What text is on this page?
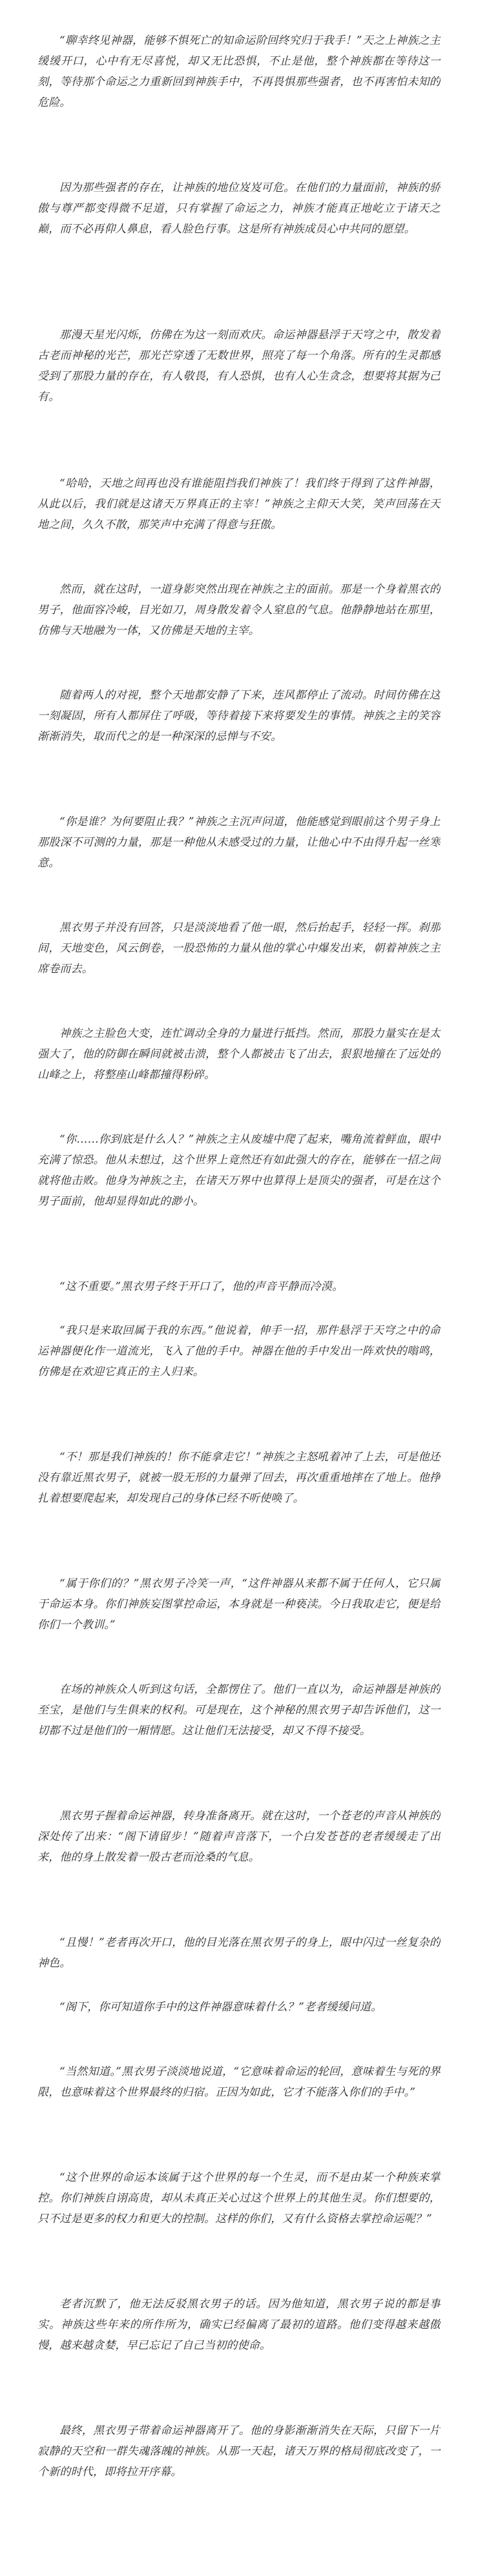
“聊幸终见神器，能够不惧死亡的知命运阶回终究归于我手！”天之上神族之主缓缓开口，心中有无尽喜悦，却又无比恐惧，不止是他，整个神族都在等待这一刻，等待那个命运之力重新回到神族手中，不再畏惧那些强者，也不再害怕未知的危险。

因为那些强者的存在，让神族的地位岌岌可危。在他们的力量面前，神族的骄傲与尊严都变得微不足道，只有掌握了命运之力，神族才能真正地屹立于诸天之巅，而不必再仰人鼻息，看人脸色行事。这是所有神族成员心中共同的愿望。

那漫天星光闪烁，仿佛在为这一刻而欢庆。命运神器悬浮于天穹之中，散发着古老而神秘的光芒，那光芒穿透了无数世界，照亮了每一个角落。所有的生灵都感受到了那股力量的存在，有人敬畏，有人恐惧，也有人心生贪念，想要将其据为己有。

“哈哈，天地之间再也没有谁能阻挡我们神族了！我们终于得到了这件神器，从此以后，我们就是这诸天万界真正的主宰！”神族之主仰天大笑，笑声回荡在天地之间，久久不散，那笑声中充满了得意与狂傲。

然而，就在这时，一道身影突然出现在神族之主的面前。那是一个身着黑衣的男子，他面容冷峻，目光如刀，周身散发着令人窒息的气息。他静静地站在那里，仿佛与天地融为一体，又仿佛是天地的主宰。

随着两人的对视，整个天地都安静了下来，连风都停止了流动。时间仿佛在这一刻凝固，所有人都屏住了呼吸，等待着接下来将要发生的事情。神族之主的笑容渐渐消失，取而代之的是一种深深的忌惮与不安。

“你是谁？为何要阻止我？”神族之主沉声问道，他能感觉到眼前这个男子身上那股深不可测的力量，那是一种他从未感受过的力量，让他心中不由得升起一丝寒意。

黑衣男子并没有回答，只是淡淡地看了他一眼，然后抬起手，轻轻一挥。刹那间，天地变色，风云倒卷，一股恐怖的力量从他的掌心中爆发出来，朝着神族之主席卷而去。

神族之主脸色大变，连忙调动全身的力量进行抵挡。然而，那股力量实在是太强大了，他的防御在瞬间就被击溃，整个人都被击飞了出去，狠狠地撞在了远处的山峰之上，将整座山峰都撞得粉碎。

“你……你到底是什么人？”神族之主从废墟中爬了起来，嘴角流着鲜血，眼中充满了惊恐。他从未想过，这个世界上竟然还有如此强大的存在，能够在一招之间就将他击败。他身为神族之主，在诸天万界中也算得上是顶尖的强者，可是在这个男子面前，他却显得如此的渺小。

“这不重要。”黑衣男子终于开口了，他的声音平静而冷漠。

“我只是来取回属于我的东西。”他说着，伸手一招，那件悬浮于天穹之中的命运神器便化作一道流光，飞入了他的手中。神器在他的手中发出一阵欢快的嗡鸣，仿佛是在欢迎它真正的主人归来。

“不！那是我们神族的！你不能拿走它！”神族之主怒吼着冲了上去，可是他还没有靠近黑衣男子，就被一股无形的力量弹了回去，再次重重地摔在了地上。他挣扎着想要爬起来，却发现自己的身体已经不听使唤了。

“属于你们的？”黑衣男子冷笑一声，“这件神器从来都不属于任何人，它只属于命运本身。你们神族妄图掌控命运，本身就是一种亵渎。今日我取走它，便是给你们一个教训。”

在场的神族众人听到这句话，全都愣住了。他们一直以为，命运神器是神族的至宝，是他们与生俱来的权利。可是现在，这个神秘的黑衣男子却告诉他们，这一切都不过是他们的一厢情愿。这让他们无法接受，却又不得不接受。

黑衣男子握着命运神器，转身准备离开。就在这时，一个苍老的声音从神族的深处传了出来：“阁下请留步！”随着声音落下，一个白发苍苍的老者缓缓走了出来，他的身上散发着一股古老而沧桑的气息。

“且慢！”老者再次开口，他的目光落在黑衣男子的身上，眼中闪过一丝复杂的神色。

“阁下，你可知道你手中的这件神器意味着什么？”老者缓缓问道。

“当然知道。”黑衣男子淡淡地说道，“它意味着命运的轮回，意味着生与死的界限，也意味着这个世界最终的归宿。正因为如此，它才不能落入你们的手中。”

“这个世界的命运本该属于这个世界的每一个生灵，而不是由某一个种族来掌控。你们神族自诩高贵，却从未真正关心过这个世界上的其他生灵。你们想要的，只不过是更多的权力和更大的控制。这样的你们，又有什么资格去掌控命运呢？”

老者沉默了，他无法反驳黑衣男子的话。因为他知道，黑衣男子说的都是事实。神族这些年来的所作所为，确实已经偏离了最初的道路。他们变得越来越傲慢，越来越贪婪，早已忘记了自己当初的使命。

最终，黑衣男子带着命运神器离开了。他的身影渐渐消失在天际，只留下一片寂静的天空和一群失魂落魄的神族。从那一天起，诸天万界的格局彻底改变了，一个新的时代，即将拉开序幕。
